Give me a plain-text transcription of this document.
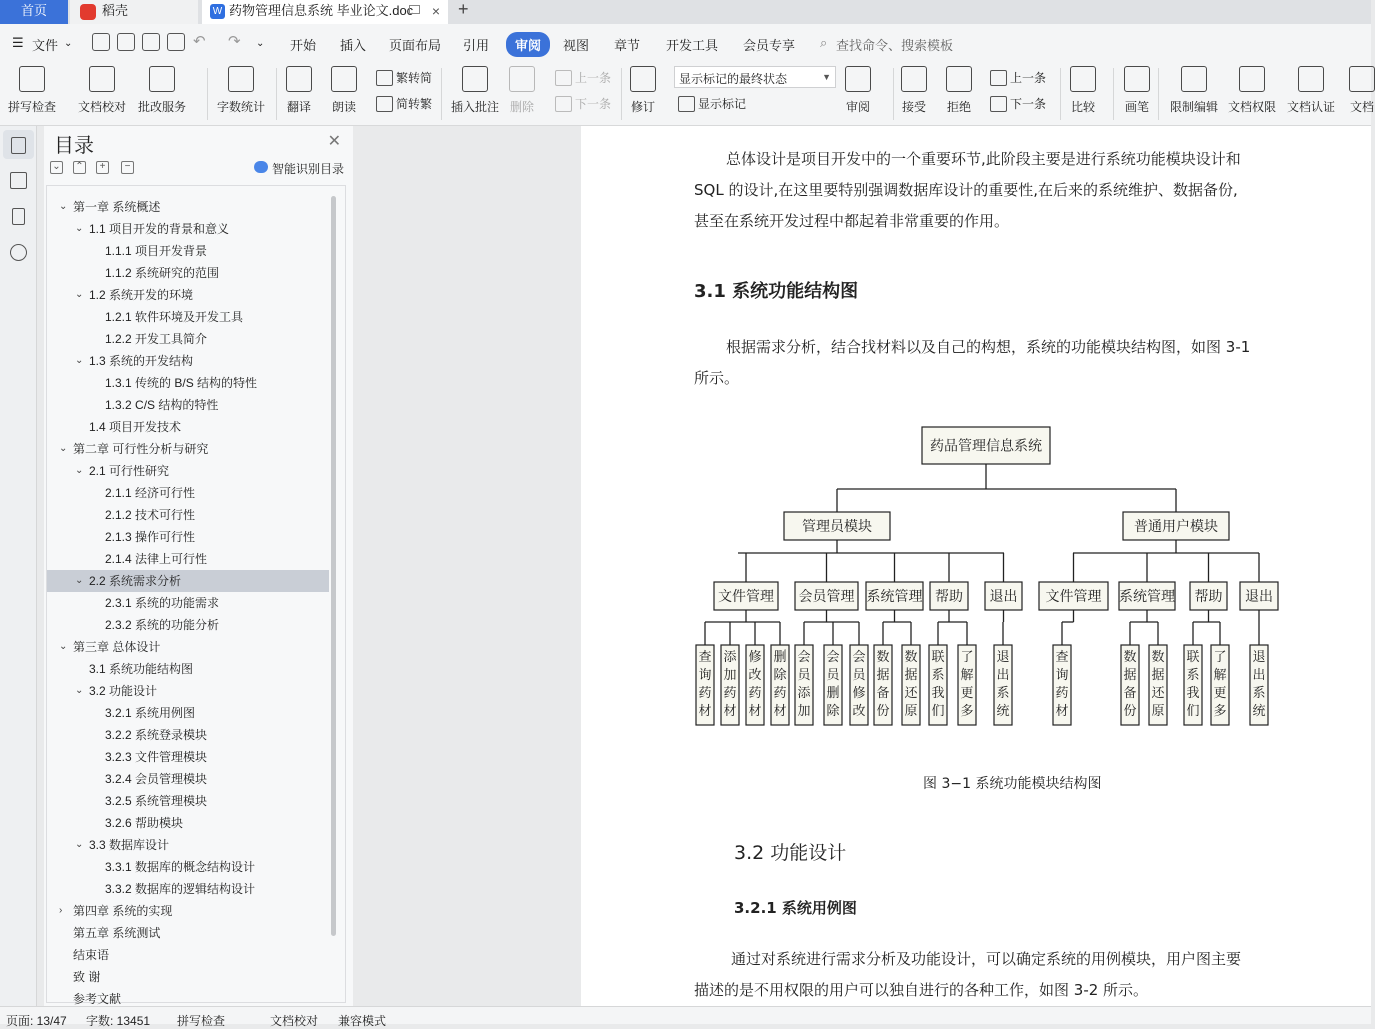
首页	稻壳	W 药物管理信息系统 毕业论文.doc × +
☰ 文件 ⌄	↶ ↷ ⌄ 开始 插入 页面布局 引用	审阅	视图 章节 开发工具 会员专享 ⌕ 查找命令、搜索模板
拼写检查 文档校对 批改服务	字数统计 翻译 朗读
繁转简
简转繁 插入批注 删除
上一条
下一条 修订
显示标记的最终状态	▼
显示标记	审阅	接受 拒绝
上一条
下一条 比较 画笔 限制编辑 文档权限 文档认证 文档
目录	✕
⌄ ⌃	+	−	智能识别目录
⌄ 第一章 系统概述
⌄ 1.1 项目开发的背景和意义
1.1.1 项目开发背景
1.1.2 系统研究的范围
⌄ 1.2 系统开发的环境
1.2.1 软件环境及开发工具
1.2.2 开发工具简介
⌄ 1.3 系统的开发结构
1.3.1 传统的 B/S 结构的特性
1.3.2 C/S 结构的特性
1.4 项目开发技术
⌄ 第二章 可行性分析与研究
⌄ 2.1 可行性研究
2.1.1 经济可行性
2.1.2 技术可行性
2.1.3 操作可行性
2.1.4 法律上可行性
⌄ 2.2 系统需求分析
2.3.1 系统的功能需求
2.3.2 系统的功能分析
⌄ 第三章 总体设计
3.1 系统功能结构图
⌄ 3.2 功能设计
3.2.1 系统用例图
3.2.2 系统登录模块
3.2.3 文件管理模块
3.2.4 会员管理模块
3.2.5 系统管理模块
3.2.6 帮助模块
⌄ 3.3 数据库设计
3.3.1 数据库的概念结构设计
3.3.2 数据库的逻辑结构设计
› 第四章 系统的实现
第五章 系统测试
结束语
致 谢
参考文献
总体设计是项目开发中的一个重要环节,此阶段主要是进行系统功能模块设计和
SQL 的设计,在这里要特别强调数据库设计的重要性,在后来的系统维护、数据备份,
甚至在系统开发过程中都起着非常重要的作用。
3.1 系统功能结构图
根据需求分析，结合找材料以及自己的构想，系统的功能模块结构图，如图 3-1
所示。
药品管理信息系统
管理员模块	普通用户模块
文件管理 会员管理 系统管理 帮助 退出 文件管理 系统管理 帮助 退出
查
询
药
材
添
加
药
材
修
改
药
材
删
除
药
材
会
员
添
加
会
员
删
除
会
员
修
改
数
据
备
份
数
据
还
原
联
系
我
们
了
解
更
多
退
出
系
统
查
询
药
材
数
据
备
份
数
据
还
原
联
系
我
们
了
解
更
多
退
出
系
统
图 3−1 系统功能模块结构图
3.2 功能设计
3.2.1 系统用例图
通过对系统进行需求分析及功能设计，可以确定系统的用例模块，用户图主要
描述的是不用权限的用户可以独自进行的各种工作，如图 3-2 所示。
页面: 13/47 字数: 13451	拼写检查	文档校对 兼容模式
